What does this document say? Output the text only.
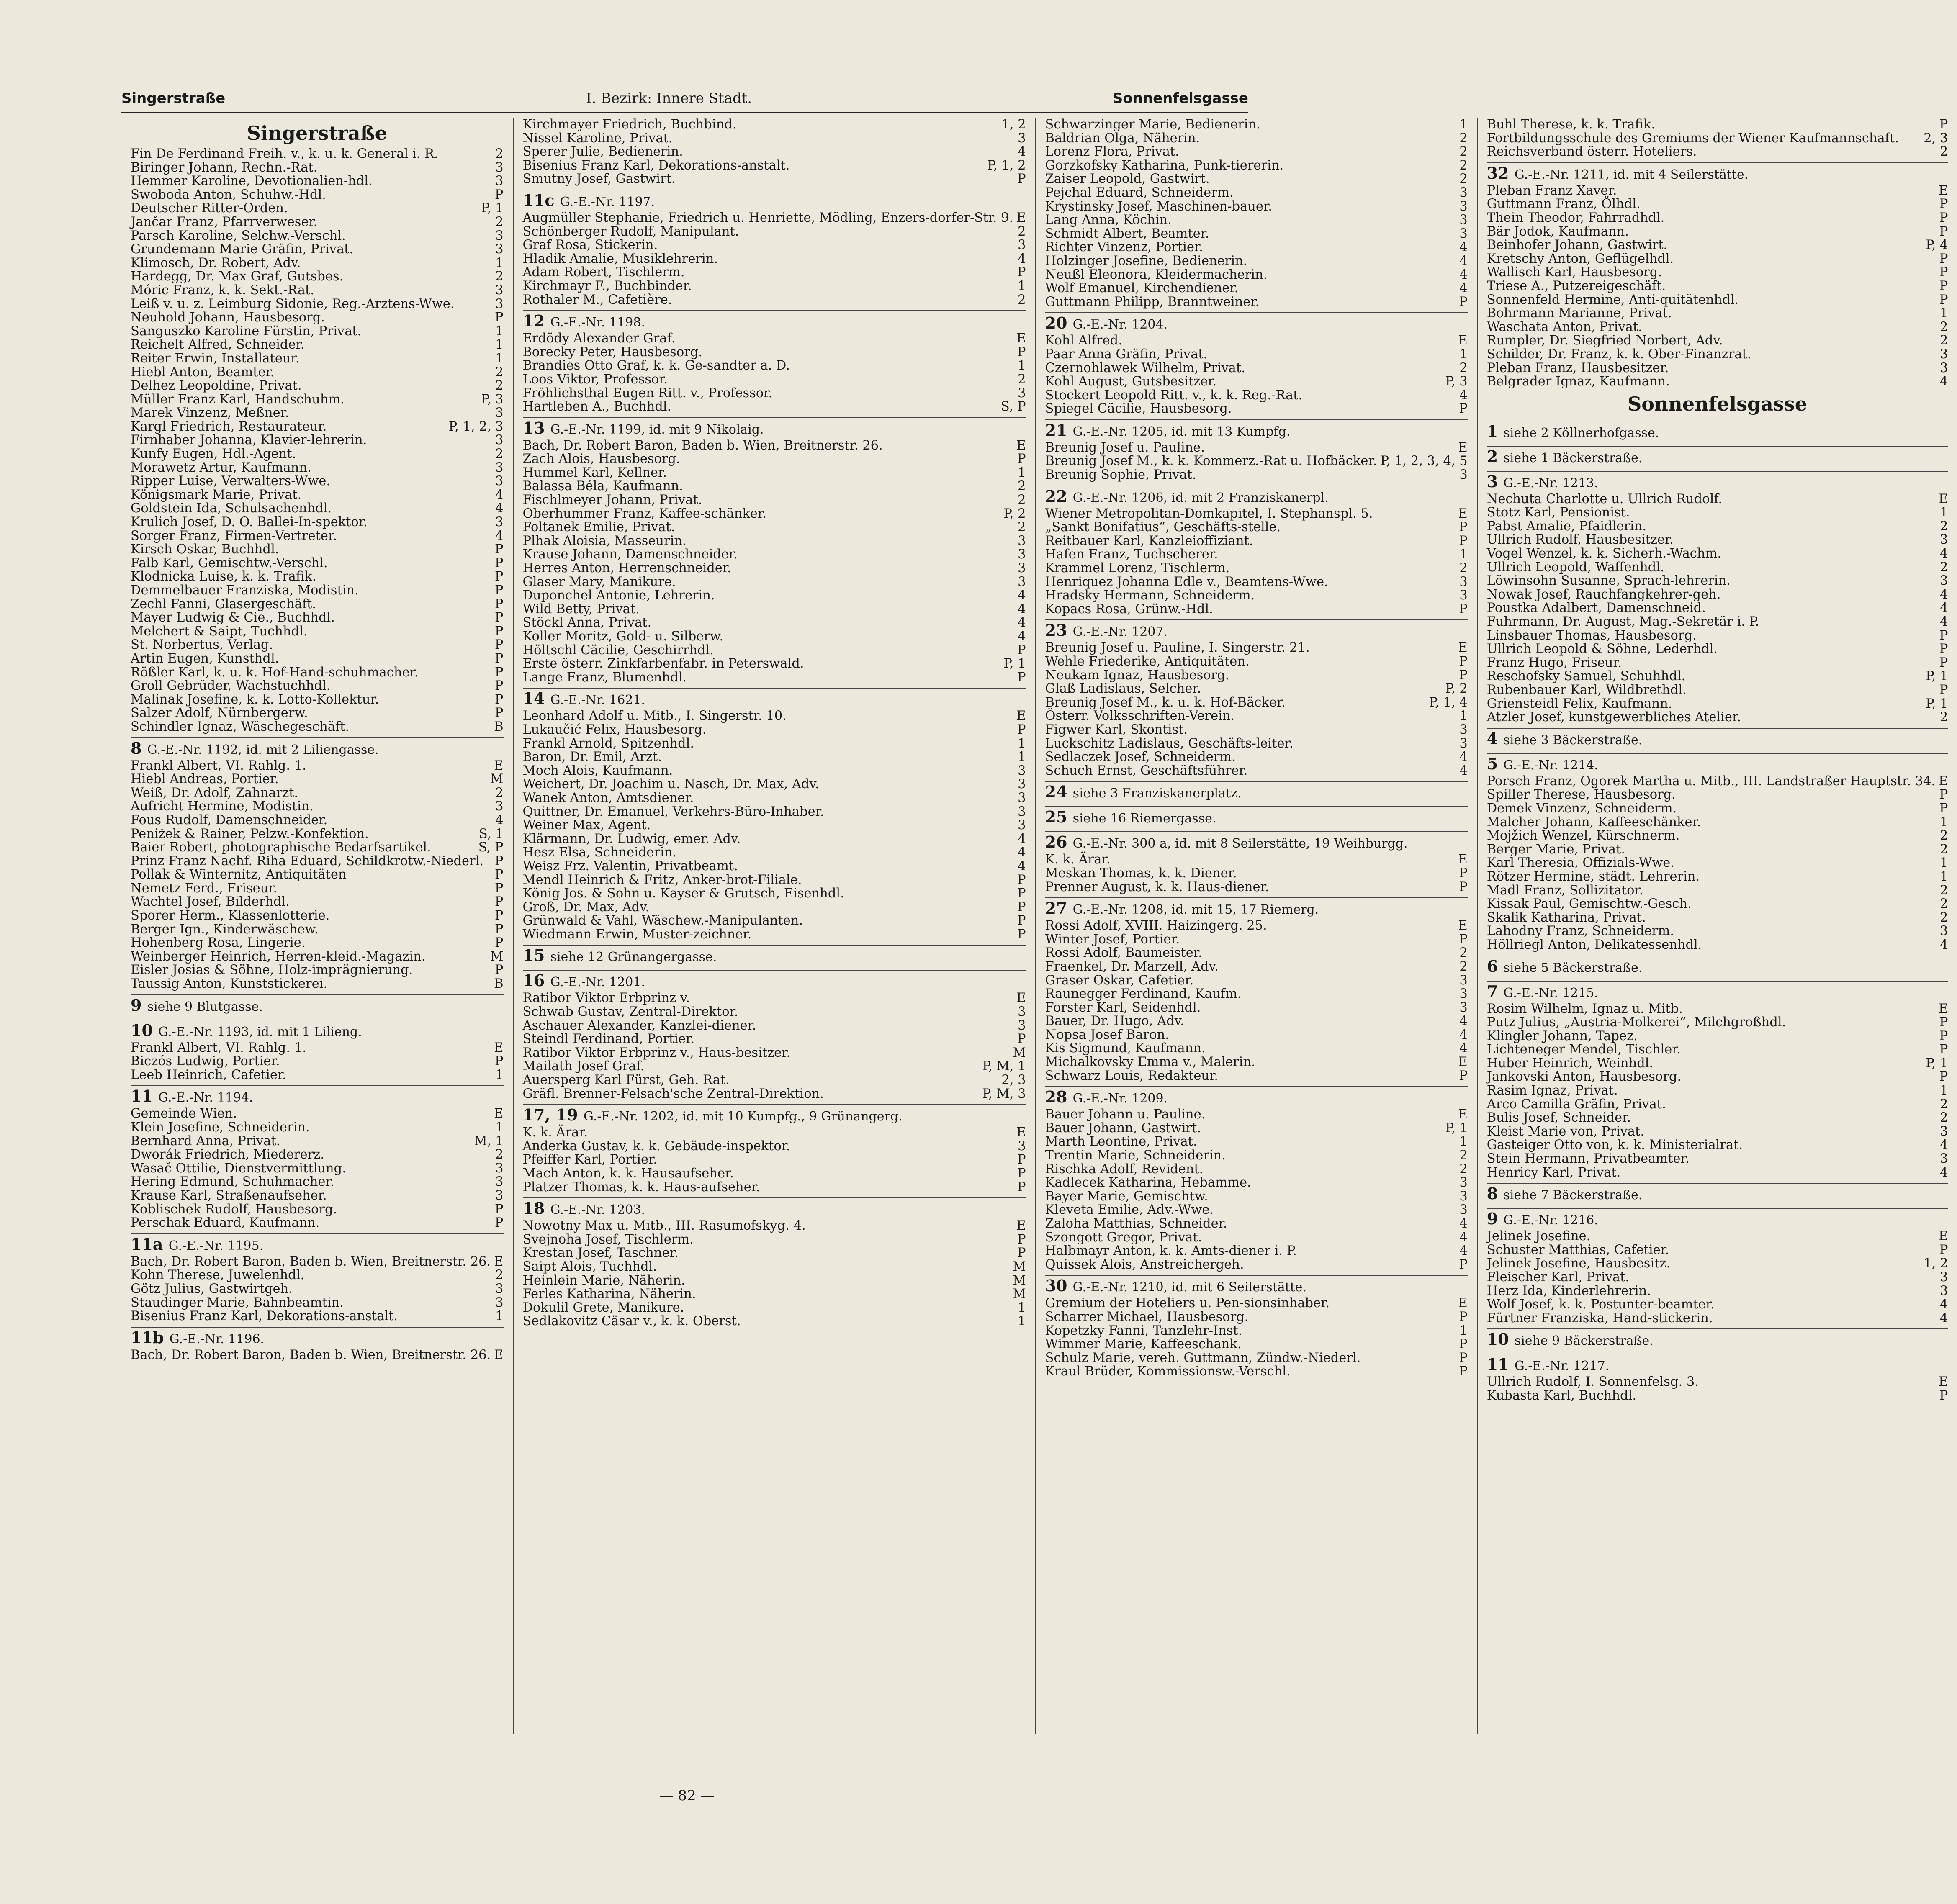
Singerstraße	I. Bezirk: Innere Stadt.	Sonnenfelsgasse
Singerstraße
Fin De Ferdinand Freih. v., k. u. k. General i. R.	2
Biringer Johann, Rechn.-Rat.	3
Hemmer Karoline, Devotionalien-hdl.	3
Swoboda Anton, Schuhw.-Hdl.	P
Deutscher Ritter-Orden.	P, 1
Jančar Franz, Pfarrverweser.	2
Parsch Karoline, Selchw.-Verschl.	3
Grundemann Marie Gräfin, Privat.	3
Klimosch, Dr. Robert, Adv.	1
Hardegg, Dr. Max Graf, Gutsbes.	2
Móric Franz, k. k. Sekt.-Rat.	3
Leiß v. u. z. Leimburg Sidonie, Reg.-Arztens-Wwe.	3
Neuhold Johann, Hausbesorg.	P
Sanguszko Karoline Fürstin, Privat.	1
Reichelt Alfred, Schneider.	1
Reiter Erwin, Installateur.	1
Hiebl Anton, Beamter.	2
Delhez Leopoldine, Privat.	2
Müller Franz Karl, Handschuhm.	P, 3
Marek Vinzenz, Meßner.	3
Kargl Friedrich, Restaurateur.	P, 1, 2, 3
Firnhaber Johanna, Klavier-lehrerin.	3
Kunfy Eugen, Hdl.-Agent.	2
Morawetz Artur, Kaufmann.	3
Ripper Luise, Verwalters-Wwe.	3
Königsmark Marie, Privat.	4
Goldstein Ida, Schulsachenhdl.	4
Krulich Josef, D. O. Ballei-In-spektor.	3
Sorger Franz, Firmen-Vertreter.	4
Kirsch Oskar, Buchhdl.	P
Falb Karl, Gemischtw.-Verschl.	P
Klodnicka Luise, k. k. Trafik.	P
Demmelbauer Franziska, Modistin.	P
Zechl Fanni, Glasergeschäft.	P
Mayer Ludwig & Cie., Buchhdl.	P
Melchert & Saipt, Tuchhdl.	P
St. Norbertus, Verlag.	P
Artin Eugen, Kunsthdl.	P
Rößler Karl, k. u. k. Hof-Hand-schuhmacher.	P
Groll Gebrüder, Wachstuchhdl.	P
Malinak Josefine, k. k. Lotto-Kollektur.	P
Salzer Adolf, Nürnbergerw.	P
Schindler Ignaz, Wäschegeschäft.	B
8 G.-E.-Nr. 1192, id. mit 2 Liliengasse.
Frankl Albert, VI. Rahlg. 1.	E
Hiebl Andreas, Portier.	M
Weiß, Dr. Adolf, Zahnarzt.	2
Aufricht Hermine, Modistin.	3
Fous Rudolf, Damenschneider.	4
Peniżek & Rainer, Pelzw.-Konfektion.	S, 1
Baier Robert, photographische Bedarfsartikel.	S, P
Prinz Franz Nachf. Riha Eduard, Schildkrotw.-Niederl. P
Pollak & Winternitz, Antiquitäten	P
Nemetz Ferd., Friseur.	P
Wachtel Josef, Bilderhdl.	P
Sporer Herm., Klassenlotterie.	P
Berger Ign., Kinderwäschew.	P
Hohenberg Rosa, Lingerie.	P
Weinberger Heinrich, Herren-kleid.-Magazin.	M
Eisler Josias & Söhne, Holz-imprägnierung.	P
Taussig Anton, Kunststickerei.	B
9 siehe 9 Blutgasse.
10 G.-E.-Nr. 1193, id. mit 1 Lilieng.
Frankl Albert, VI. Rahlg. 1.	E
Biczós Ludwig, Portier.	P
Leeb Heinrich, Cafetier.	1
11 G.-E.-Nr. 1194.
Gemeinde Wien.	E
Klein Josefine, Schneiderin.	1
Bernhard Anna, Privat.	M, 1
Dworák Friedrich, Miedererz.	2
Wasač Ottilie, Dienstvermittlung.	3
Hering Edmund, Schuhmacher.	3
Krause Karl, Straßenaufseher.	3
Koblischek Rudolf, Hausbesorg.	P
Perschak Eduard, Kaufmann.	P
11a G.-E.-Nr. 1195.
Bach, Dr. Robert Baron, Baden b. Wien, Breitnerstr. 26. E
Kohn Therese, Juwelenhdl.	2
Götz Julius, Gastwirtgeh.	3
Staudinger Marie, Bahnbeamtin.	3
Bisenius Franz Karl, Dekorations-anstalt.	1
11b G.-E.-Nr. 1196.
Bach, Dr. Robert Baron, Baden b. Wien, Breitnerstr. 26. E
Kirchmayer Friedrich, Buchbind.	1, 2
Nissel Karoline, Privat.	3
Sperer Julie, Bedienerin.	4
Bisenius Franz Karl, Dekorations-anstalt.	P, 1, 2
Smutny Josef, Gastwirt.	P
11c G.-E.-Nr. 1197.
Augmüller Stephanie, Friedrich u. Henriette, Mödling, Enzers-dorfer-Str. 9. E
Schönberger Rudolf, Manipulant.	2
Graf Rosa, Stickerin.	3
Hladik Amalie, Musiklehrerin.	4
Adam Robert, Tischlerm.	P
Kirchmayr F., Buchbinder.	1
Rothaler M., Cafetière.	2
12 G.-E.-Nr. 1198.
Erdödy Alexander Graf.	E
Borecky Peter, Hausbesorg.	P
Brandies Otto Graf, k. k. Ge-sandter a. D.	1
Loos Viktor, Professor.	2
Fröhlichsthal Eugen Ritt. v., Professor.	3
Hartleben A., Buchhdl.	S, P
13 G.-E.-Nr. 1199, id. mit 9 Nikolaig.
Bach, Dr. Robert Baron, Baden b. Wien, Breitnerstr. 26.	E
Zach Alois, Hausbesorg.	P
Hummel Karl, Kellner.	1
Balassa Béla, Kaufmann.	2
Fischlmeyer Johann, Privat.	2
Oberhummer Franz, Kaffee-schänker.	P, 2
Foltanek Emilie, Privat.	2
Plhak Aloisia, Masseurin.	3
Krause Johann, Damenschneider.	3
Herres Anton, Herrenschneider.	3
Glaser Mary, Manikure.	3
Duponchel Antonie, Lehrerin.	4
Wild Betty, Privat.	4
Stöckl Anna, Privat.	4
Koller Moritz, Gold- u. Silberw.	4
Höltschl Cäcilie, Geschirrhdl.	P
Erste österr. Zinkfarbenfabr. in Peterswald.	P, 1
Lange Franz, Blumenhdl.	P
14 G.-E.-Nr. 1621.
Leonhard Adolf u. Mitb., I. Singerstr. 10.	E
Lukaučić Felix, Hausbesorg.	P
Frankl Arnold, Spitzenhdl.	1
Baron, Dr. Emil, Arzt.	1
Moch Alois, Kaufmann.	3
Weichert, Dr. Joachim u. Nasch, Dr. Max, Adv.	3
Wanek Anton, Amtsdiener.	3
Quittner, Dr. Emanuel, Verkehrs-Büro-Inhaber.	3
Weiner Max, Agent.	3
Klärmann, Dr. Ludwig, emer. Adv.	4
Hesz Elsa, Schneiderin.	4
Weisz Frz. Valentin, Privatbeamt.	4
Mendl Heinrich & Fritz, Anker-brot-Filiale.	P
König Jos. & Sohn u. Kayser & Grutsch, Eisenhdl.	P
Groß, Dr. Max, Adv.	P
Grünwald & Vahl, Wäschew.-Manipulanten.	P
Wiedmann Erwin, Muster-zeichner.	P
15 siehe 12 Grünangergasse.
16 G.-E.-Nr. 1201.
Ratibor Viktor Erbprinz v.	E
Schwab Gustav, Zentral-Direktor.	3
Aschauer Alexander, Kanzlei-diener.	3
Steindl Ferdinand, Portier.	P
Ratibor Viktor Erbprinz v., Haus-besitzer.	M
Mailath Josef Graf.	P, M, 1
Auersperg Karl Fürst, Geh. Rat.	2, 3
Gräfl. Brenner-Felsach'sche Zentral-Direktion.	P, M, 3
17, 19 G.-E.-Nr. 1202, id. mit 10 Kumpfg., 9 Grünangerg.
K. k. Ärar.	E
Anderka Gustav, k. k. Gebäude-inspektor.	3
Pfeiffer Karl, Portier.	P
Mach Anton, k. k. Hausaufseher.	P
Platzer Thomas, k. k. Haus-aufseher.	P
18 G.-E.-Nr. 1203.
Nowotny Max u. Mitb., III. Rasumofskyg. 4.	E
Svejnoha Josef, Tischlerm.	P
Krestan Josef, Taschner.	P
Saipt Alois, Tuchhdl.	M
Heinlein Marie, Näherin.	M
Ferles Katharina, Näherin.	M
Dokulil Grete, Manikure.	1
Sedlakovitz Cäsar v., k. k. Oberst.	1
Schwarzinger Marie, Bedienerin.	1
Baldrian Olga, Näherin.	2
Lorenz Flora, Privat.	2
Gorzkofsky Katharina, Punk-tiererin.	2
Zaiser Leopold, Gastwirt.	2
Pejchal Eduard, Schneiderm.	3
Krystinsky Josef, Maschinen-bauer.	3
Lang Anna, Köchin.	3
Schmidt Albert, Beamter.	3
Richter Vinzenz, Portier.	4
Holzinger Josefine, Bedienerin.	4
Neußl Eleonora, Kleidermacherin.	4
Wolf Emanuel, Kirchendiener.	4
Guttmann Philipp, Branntweiner.	P
20 G.-E.-Nr. 1204.
Kohl Alfred.	E
Paar Anna Gräfin, Privat.	1
Czernohlawek Wilhelm, Privat.	2
Kohl August, Gutsbesitzer.	P, 3
Stockert Leopold Ritt. v., k. k. Reg.-Rat.	4
Spiegel Cäcilie, Hausbesorg.	P
21 G.-E.-Nr. 1205, id. mit 13 Kumpfg.
Breunig Josef u. Pauline.	E
Breunig Josef M., k. k. Kommerz.-Rat u. Hofbäcker. P, 1, 2, 3, 4, 5
Breunig Sophie, Privat.	3
22 G.-E.-Nr. 1206, id. mit 2 Franziskanerpl.
Wiener Metropolitan-Domkapitel, I. Stephanspl. 5.	E
„Sankt Bonifatius“, Geschäfts-stelle.	P
Reitbauer Karl, Kanzleioffiziant.	P
Hafen Franz, Tuchscherer.	1
Krammel Lorenz, Tischlerm.	2
Henriquez Johanna Edle v., Beamtens-Wwe.	3
Hradsky Hermann, Schneiderm.	3
Kopacs Rosa, Grünw.-Hdl.	P
23 G.-E.-Nr. 1207.
Breunig Josef u. Pauline, I. Singerstr. 21.	E
Wehle Friederike, Antiquitäten.	P
Neukam Ignaz, Hausbesorg.	P
Glaß Ladislaus, Selcher.	P, 2
Breunig Josef M., k. u. k. Hof-Bäcker.	P, 1, 4
Österr. Volksschriften-Verein.	1
Figwer Karl, Skontist.	3
Luckschitz Ladislaus, Geschäfts-leiter.	3
Sedlaczek Josef, Schneiderm.	4
Schuch Ernst, Geschäftsführer.	4
24 siehe 3 Franziskanerplatz.
25 siehe 16 Riemergasse.
26 G.-E.-Nr. 300 a, id. mit 8 Seilerstätte, 19 Weihburgg.
K. k. Ärar.	E
Meskan Thomas, k. k. Diener.	P
Prenner August, k. k. Haus-diener.	P
27 G.-E.-Nr. 1208, id. mit 15, 17 Riemerg.
Rossi Adolf, XVIII. Haizingerg. 25.	E
Winter Josef, Portier.	P
Rossi Adolf, Baumeister.	2
Fraenkel, Dr. Marzell, Adv.	2
Graser Oskar, Cafetier.	3
Raunegger Ferdinand, Kaufm.	3
Forster Karl, Seidenhdl.	3
Bauer, Dr. Hugo, Adv.	4
Nopsa Josef Baron.	4
Kis Sigmund, Kaufmann.	4
Michalkovsky Emma v., Malerin.	E
Schwarz Louis, Redakteur.	P
28 G.-E.-Nr. 1209.
Bauer Johann u. Pauline.	E
Bauer Johann, Gastwirt.	P, 1
Marth Leontine, Privat.	1
Trentin Marie, Schneiderin.	2
Rischka Adolf, Revident.	2
Kadlecek Katharina, Hebamme.	3
Bayer Marie, Gemischtw.	3
Kleveta Emilie, Adv.-Wwe.	3
Zaloha Matthias, Schneider.	4
Szongott Gregor, Privat.	4
Halbmayr Anton, k. k. Amts-diener i. P.	4
Quissek Alois, Anstreichergeh.	P
30 G.-E.-Nr. 1210, id. mit 6 Seilerstätte.
Gremium der Hoteliers u. Pen-sionsinhaber.	E
Scharrer Michael, Hausbesorg.	P
Kopetzky Fanni, Tanzlehr-Inst.	1
Wimmer Marie, Kaffeeschank.	P
Schulz Marie, vereh. Guttmann, Zündw.-Niederl.	P
Kraul Brüder, Kommissionsw.-Verschl.	P
Buhl Therese, k. k. Trafik.	P
Fortbildungsschule des Gremiums der Wiener Kaufmannschaft. 2, 3
Reichsverband österr. Hoteliers.	2
32 G.-E.-Nr. 1211, id. mit 4 Seilerstätte.
Pleban Franz Xaver.	E
Guttmann Franz, Ölhdl.	P
Thein Theodor, Fahrradhdl.	P
Bär Jodok, Kaufmann.	P
Beinhofer Johann, Gastwirt.	P, 4
Kretschy Anton, Geflügelhdl.	P
Wallisch Karl, Hausbesorg.	P
Triese A., Putzereigeschäft.	P
Sonnenfeld Hermine, Anti-quitätenhdl.	P
Bohrmann Marianne, Privat.	1
Waschata Anton, Privat.	2
Rumpler, Dr. Siegfried Norbert, Adv.	2
Schilder, Dr. Franz, k. k. Ober-Finanzrat.	3
Pleban Franz, Hausbesitzer.	3
Belgrader Ignaz, Kaufmann.	4
Sonnenfelsgasse
1 siehe 2 Köllnerhofgasse.
2 siehe 1 Bäckerstraße.
3 G.-E.-Nr. 1213.
Nechuta Charlotte u. Ullrich Rudolf.	E
Stotz Karl, Pensionist.	1
Pabst Amalie, Pfaidlerin.	2
Ullrich Rudolf, Hausbesitzer.	3
Vogel Wenzel, k. k. Sicherh.-Wachm.	4
Ullrich Leopold, Waffenhdl.	2
Löwinsohn Susanne, Sprach-lehrerin.	3
Nowak Josef, Rauchfangkehrer-geh.	4
Poustka Adalbert, Damenschneid.	4
Fuhrmann, Dr. August, Mag.-Sekretär i. P.	4
Linsbauer Thomas, Hausbesorg.	P
Ullrich Leopold & Söhne, Lederhdl.	P
Franz Hugo, Friseur.	P
Reschofsky Samuel, Schuhhdl.	P, 1
Rubenbauer Karl, Wildbrethdl.	P
Griensteidl Felix, Kaufmann.	P, 1
Atzler Josef, kunstgewerbliches Atelier.	2
4 siehe 3 Bäckerstraße.
5 G.-E.-Nr. 1214.
Porsch Franz, Ogorek Martha u. Mitb., III. Landstraßer Hauptstr. 34. E
Spiller Therese, Hausbesorg.	P
Demek Vinzenz, Schneiderm.	P
Malcher Johann, Kaffeeschänker.	1
Mojžich Wenzel, Kürschnerm.	2
Berger Marie, Privat.	2
Karl Theresia, Offizials-Wwe.	1
Rötzer Hermine, städt. Lehrerin.	1
Madl Franz, Sollizitator.	2
Kissak Paul, Gemischtw.-Gesch.	2
Skalik Katharina, Privat.	2
Lahodny Franz, Schneiderm.	3
Höllriegl Anton, Delikatessenhdl.	4
6 siehe 5 Bäckerstraße.
7 G.-E.-Nr. 1215.
Rosim Wilhelm, Ignaz u. Mitb.	E
Putz Julius, „Austria-Molkerei“, Milchgroßhdl.	P
Klingler Johann, Tapez.	P
Lichteneger Mendel, Tischler.	P
Huber Heinrich, Weinhdl.	P, 1
Jankovski Anton, Hausbesorg.	P
Rasim Ignaz, Privat.	1
Arco Camilla Gräfin, Privat.	2
Bulis Josef, Schneider.	2
Kleist Marie von, Privat.	3
Gasteiger Otto von, k. k. Ministerialrat.	4
Stein Hermann, Privatbeamter.	3
Henricy Karl, Privat.	4
8 siehe 7 Bäckerstraße.
9 G.-E.-Nr. 1216.
Jelinek Josefine.	E
Schuster Matthias, Cafetier.	P
Jelinek Josefine, Hausbesitz.	1, 2
Fleischer Karl, Privat.	3
Herz Ida, Kinderlehrerin.	3
Wolf Josef, k. k. Postunter-beamter.	4
Fürtner Franziska, Hand-stickerin.	4
10 siehe 9 Bäckerstraße.
11 G.-E.-Nr. 1217.
Ullrich Rudolf, I. Sonnenfelsg. 3.	E
Kubasta Karl, Buchhdl.	P
— 82 —
